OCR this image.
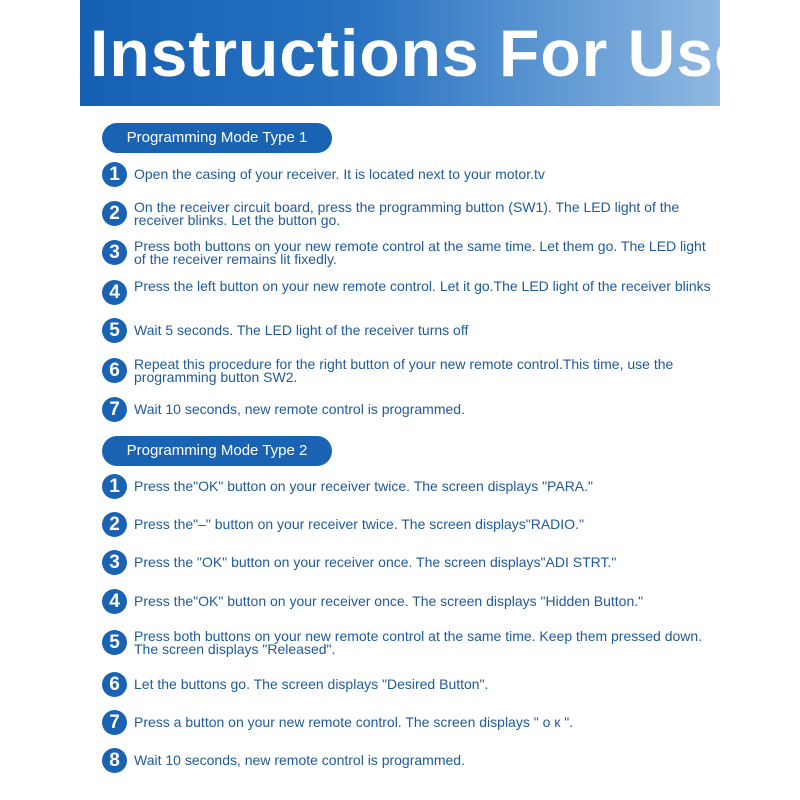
Instructions For Use
Programming Mode Type 1
1	Open the casing of your receiver. It is located next to your motor.tv
2	On the receiver circuit board, press the programming button (SW1). The LED light of the receiver blinks. Let the button go.
3	Press both buttons on your new remote control at the same time. Let them go. The LED light of the receiver remains lit fixedly.
4	Press the left button on your new remote control. Let it go.The LED light of the receiver blinks
5	Wait 5 seconds. The LED light of the receiver turns off
6	Repeat this procedure for the right button of your new remote control.This time, use the programming button SW2.
7	Wait 10 seconds, new remote control is programmed.
Programming Mode Type 2
1	Press the"OK" button on your receiver twice. The screen displays "PARA."
2	Press the"–" button on your receiver twice. The screen displays"RADIO."
3	Press the "OK" button on your receiver once. The screen displays"ADI STRT."
4	Press the"OK" button on your receiver once. The screen displays "Hidden Button."
5	Press both buttons on your new remote control at the same time. Keep them pressed down. The screen displays "Released".
6	Let the buttons go. The screen displays "Desired Button".
7	Press a button on your new remote control. The screen displays " o к ".
8	Wait 10 seconds, new remote control is programmed.
